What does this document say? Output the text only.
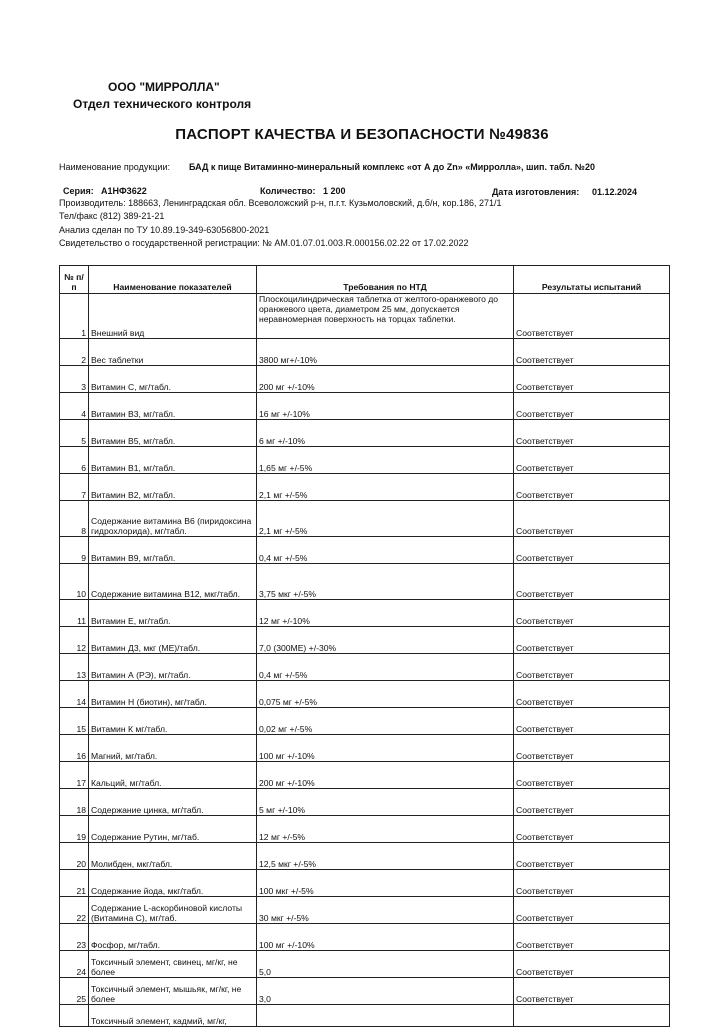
ООО "МИРРОЛЛА"
Отдел технического контроля
ПАСПОРТ КАЧЕСТВА И БЕЗОПАСНОСТИ №49836
Наименование продукции: БАД к пище Витаминно-минеральный комплекс «от А до Zn» «Мирролла», шип. табл. №20
Серия: А1НФ3622	Количество: 1 200	Дата изготовления: 01.12.2024
Производитель: 188663, Ленинградская обл. Всеволожский р-н, п.г.т. Кузьмоловский, д.б/н, кор.186, 271/1
Тел/факс (812) 389-21-21
Анализ сделан по ТУ 10.89.19-349-63056800-2021
Свидетельство о государственной регистрации: № АМ.01.07.01.003.R.000156.02.22 от 17.02.2022
№ п/п	Наименование показателей	Требования по НТД	Результаты испытаний
1	Внешний вид	Плоскоцилиндрическая таблетка от желтого-оранжевого до оранжевого цвета, диаметром 25 мм, допускается неравномерная поверхность на торцах таблетки.	Соответствует
2	Вес таблетки	3800 мг+/-10%	Соответствует
3	Витамин С, мг/табл.	200 мг +/-10%	Соответствует
4	Витамин В3, мг/табл.	16 мг +/-10%	Соответствует
5	Витамин В5, мг/табл.	6 мг +/-10%	Соответствует
6	Витамин В1, мг/табл.	1,65 мг +/-5%	Соответствует
7	Витамин В2, мг/табл.	2,1 мг +/-5%	Соответствует
8	Содержание витамина В6 (пиридоксина гидрохлорида), мг/табл.	2,1 мг +/-5%	Соответствует
9	Витамин В9, мг/табл.	0,4 мг +/-5%	Соответствует
10	Содержание витамина В12, мкг/табл.	3,75 мкг +/-5%	Соответствует
11	Витамин Е, мг/табл.	12 мг +/-10%	Соответствует
12	Витамин Д3, мкг (МЕ)/табл.	7,0 (300МЕ) +/-30%	Соответствует
13	Витамин А (РЭ), мг/табл.	0,4 мг +/-5%	Соответствует
14	Витамин Н (биотин), мг/табл.	0,075 мг +/-5%	Соответствует
15	Витамин К мг/табл.	0,02 мг +/-5%	Соответствует
16	Магний, мг/табл.	100 мг +/-10%	Соответствует
17	Кальций, мг/табл.	200 мг +/-10%	Соответствует
18	Содержание цинка, мг/табл.	5 мг +/-10%	Соответствует
19	Содержание Рутин, мг/таб.	12 мг +/-5%	Соответствует
20	Молибден, мкг/табл.	12,5 мкг +/-5%	Соответствует
21	Содержание йода, мкг/табл.	100 мкг +/-5%	Соответствует
22	Содержание L-аскорбиновой кислоты (Витамина С), мг/таб.	30 мкг +/-5%	Соответствует
23	Фосфор, мг/табл.	100 мг +/-10%	Соответствует
24	Токсичный элемент, свинец, мг/кг, не более	5,0	Соответствует
25	Токсичный элемент, мышьяк, мг/кг, не более	3,0	Соответствует
	Токсичный элемент, кадмий, мг/кг,		
